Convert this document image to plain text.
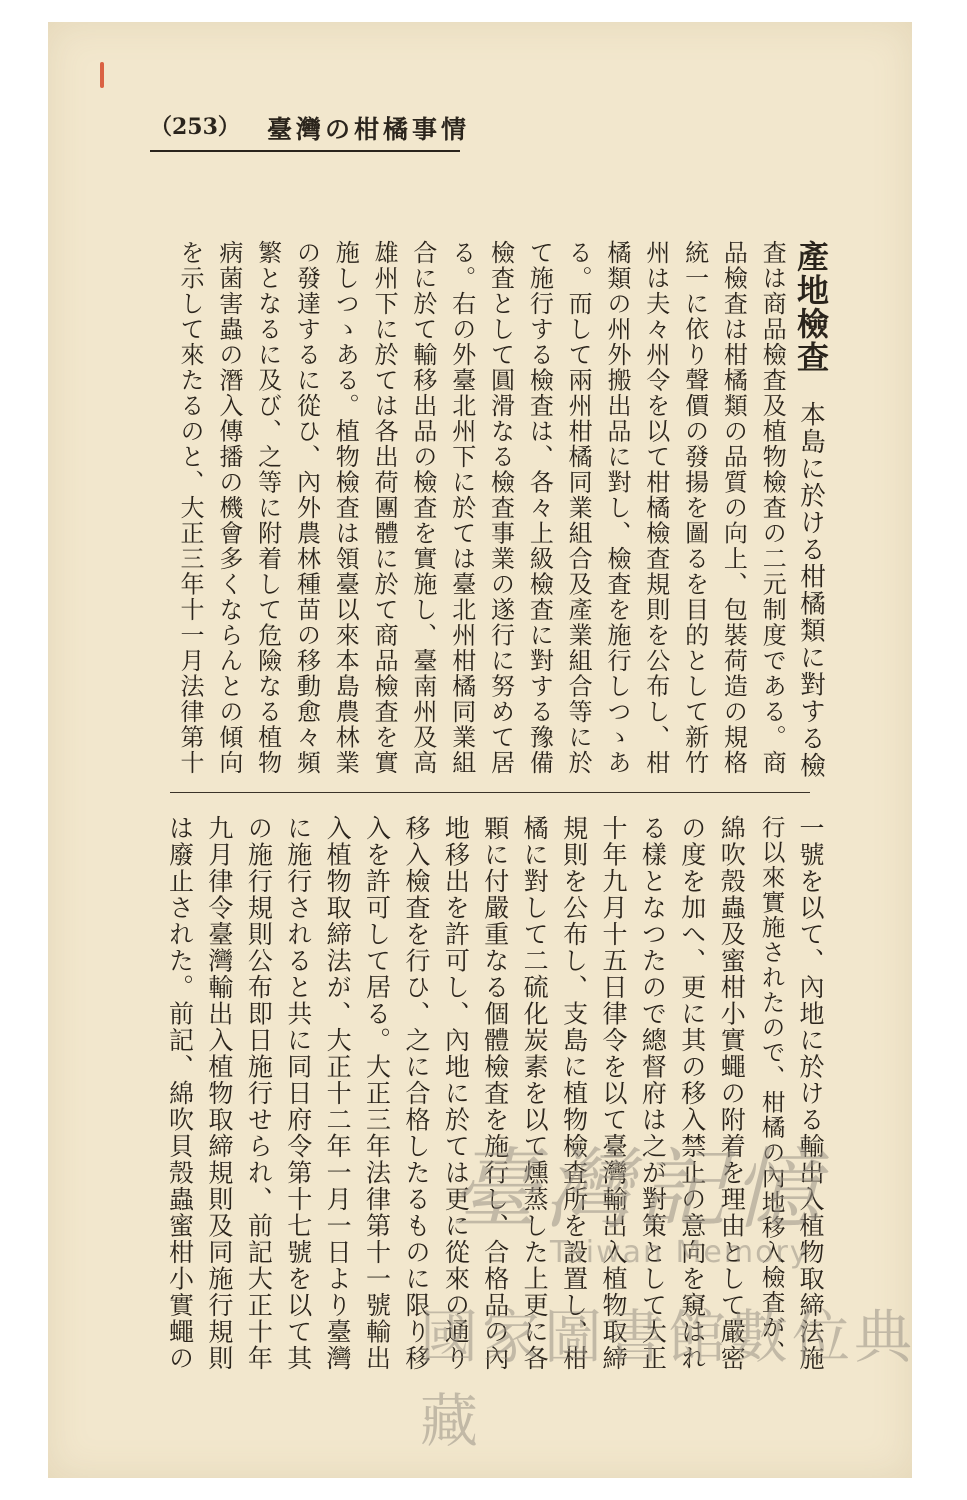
（253） 臺灣の柑橘事情
產地檢查　本島に於ける柑橘類に對する檢
査は商品檢査及植物檢査の二元制度である。商
品檢査は柑橘類の品質の向上、包裝荷造の規格
統一に依り聲價の發揚を圖るを目的として新竹
州は夫々州令を以て柑橘檢査規則を公布し、柑
橘類の州外搬出品に對し、檢査を施行しつゝあ
る。而して兩州柑橘同業組合及產業組合等に於
て施行する檢査は、各々上級檢査に對する豫備
檢査として圓滑なる檢査事業の遂行に努めて居
る。右の外臺北州下に於ては臺北州柑橘同業組
合に於て輸移出品の檢査を實施し、臺南州及高
雄州下に於ては各出荷團體に於て商品檢査を實
施しつゝある。植物檢査は領臺以來本島農林業
の發達するに從ひ、內外農林種苗の移動愈々頻
繁となるに及び、之等に附着して危險なる植物
病菌害蟲の潛入傳播の機會多くならんとの傾向
を示して來たるのと、大正三年十一月法律第十
一號を以て、內地に於ける輸出入植物取締法施
行以來實施されたので、柑橘の內地移入檢査が、
綿吹殼蟲及蜜柑小實蠅の附着を理由として嚴密
の度を加へ、更に其の移入禁止の意向を窺はれ
る樣となつたので總督府は之が對策として大正
十年九月十五日律令を以て臺灣輸出入植物取締
規則を公布し、支島に植物檢査所を設置し、柑
橘に對して二硫化炭素を以て燻蒸した上更に各
顆に付嚴重なる個體檢査を施行し、合格品の內
地移出を許可し、內地に於ては更に從來の通り
移入檢査を行ひ、之に合格したるものに限り移
入を許可して居る。大正三年法律第十一號輸出
入植物取締法が、大正十二年一月一日より臺灣
に施行されると共に同日府令第十七號を以て其
の施行規則公布即日施行せられ、前記大正十年
九月律令臺灣輸出入植物取締規則及同施行規則
は廢止された。前記、綿吹貝殼蟲蜜柑小實蠅の	臺灣記憶
Taiwan Memory
國家圖書館數位典藏
